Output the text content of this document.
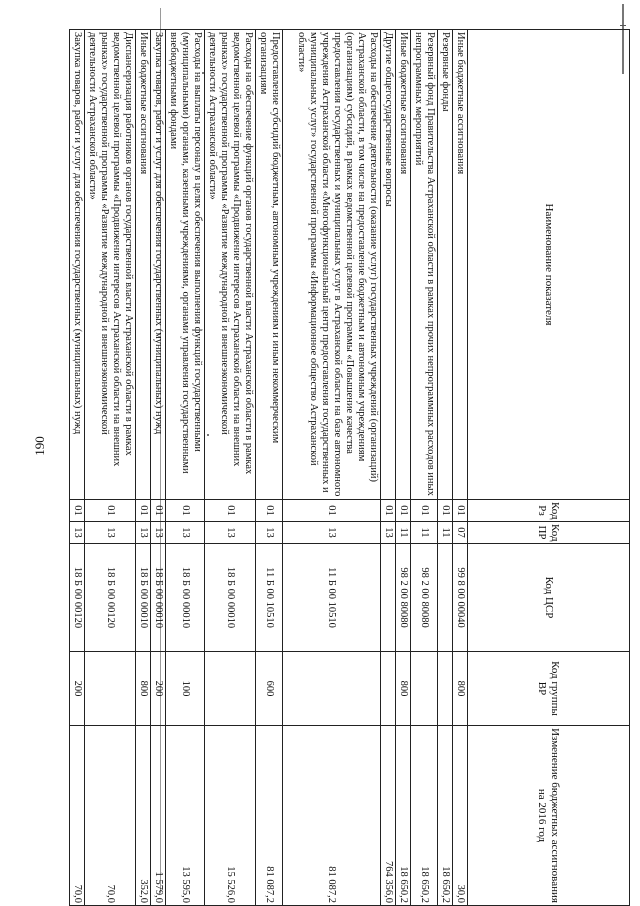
190
Наименование показателя	Код Рз	Код ПР	Код ЦСР	Код группы ВР	Изменение бюджетных ассигнования на 2016 год
Иные бюджетные ассигнования	01	07	99 8 00 00040	800	30,0
Резервные фонды	01	11			18 650,2
Резервный фонд Правительства Астраханской области в рамках прочих непрограммных расходов иных непрограммных мероприятий	01	11	98 2 00 80080		18 650,2
Иные бюджетные ассигнования	01	11	98 2 00 80080	800	18 650,2
Другие общегосударственные вопросы	01	13			764 356,0
Расходы на обеспечение деятельности (оказание услуг) государственных учреждений (организаций) Астраханской области, в том числе на предоставление бюджетным и автономным учреждениям (организациям) субсидий, в рамках ведомственной целевой программы «Повышение качества предоставления государственных и муниципальных услуг в Астраханской области на базе автономного учреждения Астраханской области «Многофункциональный центр предоставления государственных и муниципальных услуг» государственной программы «Информационное общество Астраханской области»	01	13	11 Б 00 10510		81 087,2
Предоставление субсидий бюджетным, автономным учреждениям и иным некоммерческим организациям	01	13	11 Б 00 10510	600	81 087,2
Расходы на обеспечение функций органов государственной власти Астраханской области в рамках ведомственной целевой программы «Продвижение интересов Астраханской области на внешних рынках» государственной программы «Развитие международной и внешнеэкономической деятельности Астраханской области»	01	13	18 Б 00 00010		15 526,0
Расходы на выплаты персоналу в целях обеспечения выполнения функций государственными (муниципальными) органами, казенными учреждениями, органами управления государственными внебюджетными фондами	01	13	18 Б 00 00010	100	13 595,0
Закупка товаров, работ и услуг для обеспечения государственных (муниципальных) нужд	01	13	18 Б 00 00010	200	1 579,0
Иные бюджетные ассигнования	01	13	18 Б 00 00010	800	352,0
Диспансеризация работников органов государственной власти Астраханской области в рамках ведомственной целевой программы «Продвижение интересов Астраханской области на внешних рынках» государственной программы «Развитие международной и внешнеэкономической деятельности Астраханской области»	01	13	18 Б 00 00120		70,0
Закупка товаров, работ и услуг для обеспечения государственных (муниципальных) нужд	01	13	18 Б 00 00120	200	70,0
